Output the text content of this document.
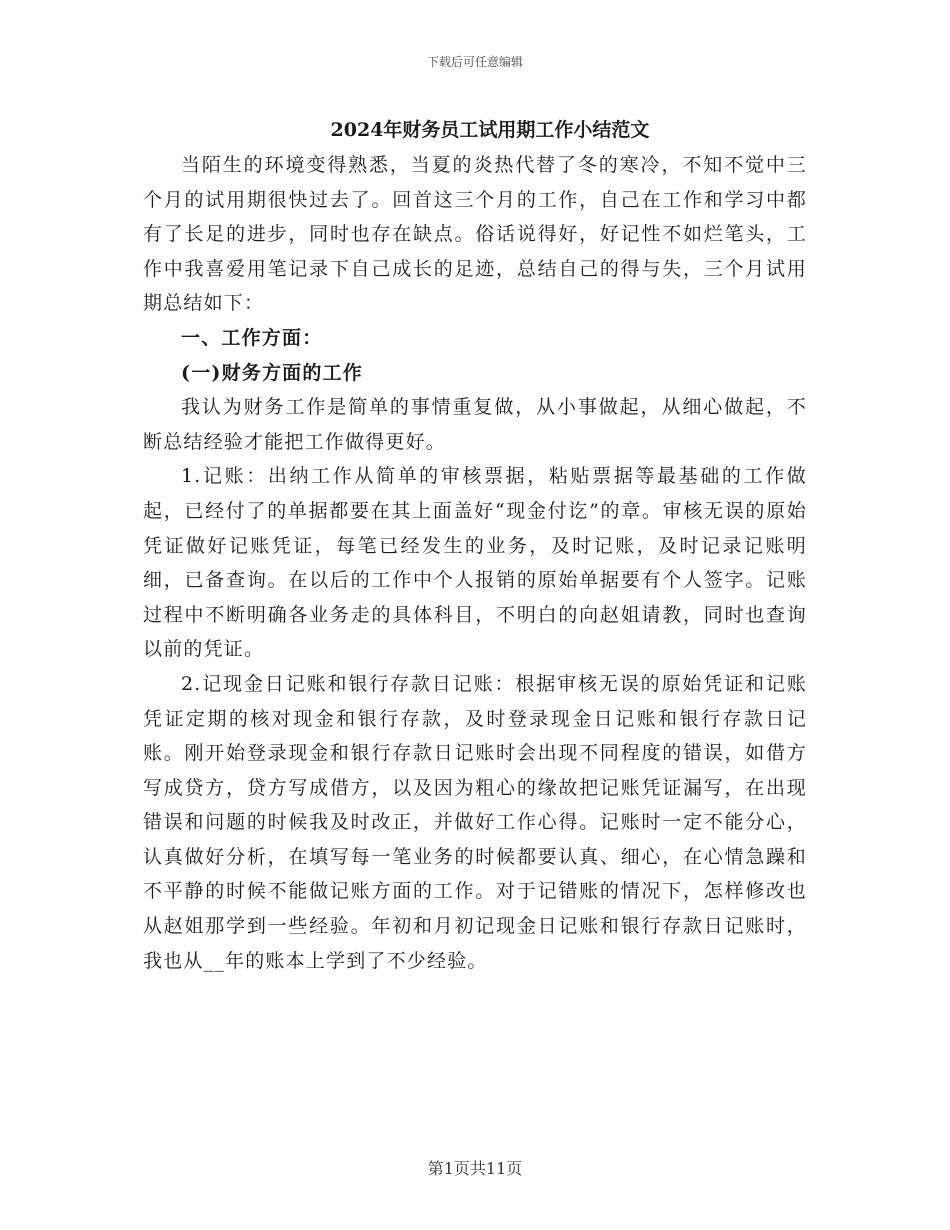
下载后可任意编辑

2024年财务员工试用期工作小结范文

当陌生的环境变得熟悉，当夏的炎热代替了冬的寒冷，不知不觉中三个月的试用期很快过去了。回首这三个月的工作，自己在工作和学习中都有了长足的进步，同时也存在缺点。俗话说得好，好记性不如烂笔头，工作中我喜爱用笔记录下自己成长的足迹，总结自己的得与失，三个月试用期总结如下：

一、工作方面：

(一)财务方面的工作

我认为财务工作是简单的事情重复做，从小事做起，从细心做起，不断总结经验才能把工作做得更好。

1.记账：出纳工作从简单的审核票据，粘贴票据等最基础的工作做起，已经付了的单据都要在其上面盖好“现金付讫”的章。审核无误的原始凭证做好记账凭证，每笔已经发生的业务，及时记账，及时记录记账明细，已备查询。在以后的工作中个人报销的原始单据要有个人签字。记账过程中不断明确各业务走的具体科目，不明白的向赵姐请教，同时也查询以前的凭证。

2.记现金日记账和银行存款日记账：根据审核无误的原始凭证和记账凭证定期的核对现金和银行存款，及时登录现金日记账和银行存款日记账。刚开始登录现金和银行存款日记账时会出现不同程度的错误，如借方写成贷方，贷方写成借方，以及因为粗心的缘故把记账凭证漏写，在出现错误和问题的时候我及时改正，并做好工作心得。记账时一定不能分心，认真做好分析，在填写每一笔业务的时候都要认真、细心，在心情急躁和不平静的时候不能做记账方面的工作。对于记错账的情况下，怎样修改也从赵姐那学到一些经验。年初和月初记现金日记账和银行存款日记账时，我也从__年的账本上学到了不少经验。

第1页共11页
